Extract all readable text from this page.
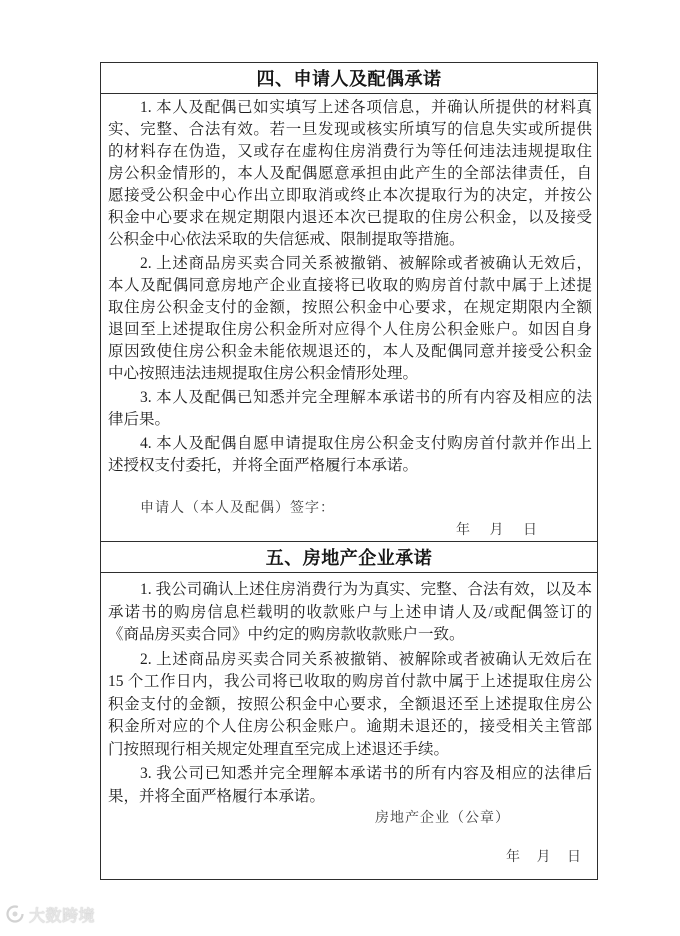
四、申请人及配偶承诺
1. 本人及配偶已如实填写上述各项信息，并确认所提供的材料真
实、完整、合法有效。若一旦发现或核实所填写的信息失实或所提供
的材料存在伪造，又或存在虚构住房消费行为等任何违法违规提取住
房公积金情形的，本人及配偶愿意承担由此产生的全部法律责任，自
愿接受公积金中心作出立即取消或终止本次提取行为的决定，并按公
积金中心要求在规定期限内退还本次已提取的住房公积金，以及接受
公积金中心依法采取的失信惩戒、限制提取等措施。
2. 上述商品房买卖合同关系被撤销、被解除或者被确认无效后，
本人及配偶同意房地产企业直接将已收取的购房首付款中属于上述提
取住房公积金支付的金额，按照公积金中心要求，在规定期限内全额
退回至上述提取住房公积金所对应得个人住房公积金账户。如因自身
原因致使住房公积金未能依规退还的，本人及配偶同意并接受公积金
中心按照违法违规提取住房公积金情形处理。
3. 本人及配偶已知悉并完全理解本承诺书的所有内容及相应的法
律后果。
4. 本人及配偶自愿申请提取住房公积金支付购房首付款并作出上
述授权支付委托，并将全面严格履行本承诺。
申请人（本人及配偶）签字：
年 月 日
五、房地产企业承诺
1. 我公司确认上述住房消费行为为真实、完整、合法有效，以及本
承诺书的购房信息栏载明的收款账户与上述申请人及/或配偶签订的
《商品房买卖合同》中约定的购房款收款账户一致。
2. 上述商品房买卖合同关系被撤销、被解除或者被确认无效后在
15 个工作日内，我公司将已收取的购房首付款中属于上述提取住房公
积金支付的金额，按照公积金中心要求，全额退还至上述提取住房公
积金所对应的个人住房公积金账户。逾期未退还的，接受相关主管部
门按照现行相关规定处理直至完成上述退还手续。
3. 我公司已知悉并完全理解本承诺书的所有内容及相应的法律后
果，并将全面严格履行本承诺。
房地产企业（公章）
年 月 日
大数跨境
